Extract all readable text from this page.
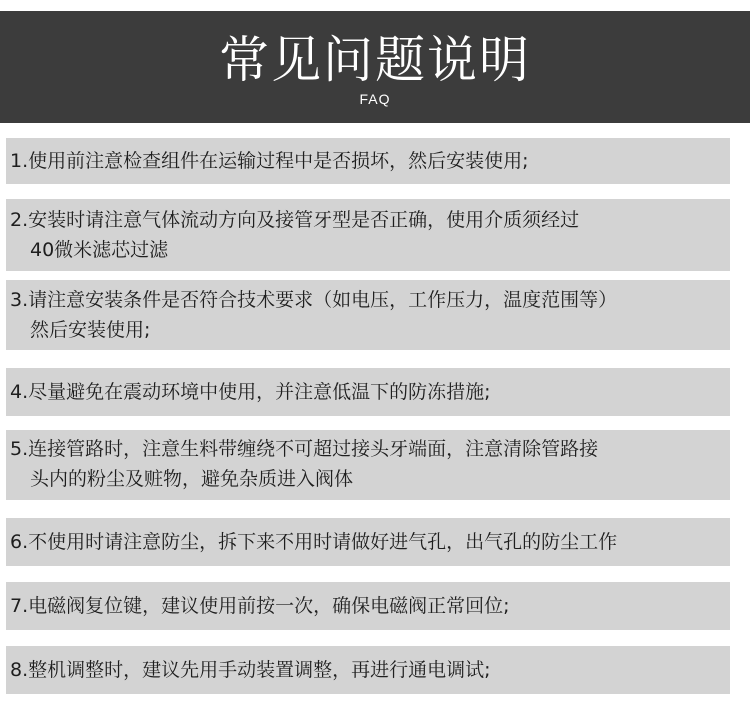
常见问题说明
FAQ
1.使用前注意检查组件在运输过程中是否损坏，然后安装使用;
2.安装时请注意气体流动方向及接管牙型是否正确，使用介质须经过
40微米滤芯过滤
3.请注意安装条件是否符合技术要求（如电压，工作压力，温度范围等）
然后安装使用;
4.尽量避免在震动环境中使用，并注意低温下的防冻措施;
5.连接管路时，注意生料带缠绕不可超过接头牙端面，注意清除管路接
头内的粉尘及赃物，避免杂质进入阀体
6.不使用时请注意防尘，拆下来不用时请做好进气孔，出气孔的防尘工作
7.电磁阀复位键，建议使用前按一次，确保电磁阀正常回位;
8.整机调整时，建议先用手动装置调整，再进行通电调试;
